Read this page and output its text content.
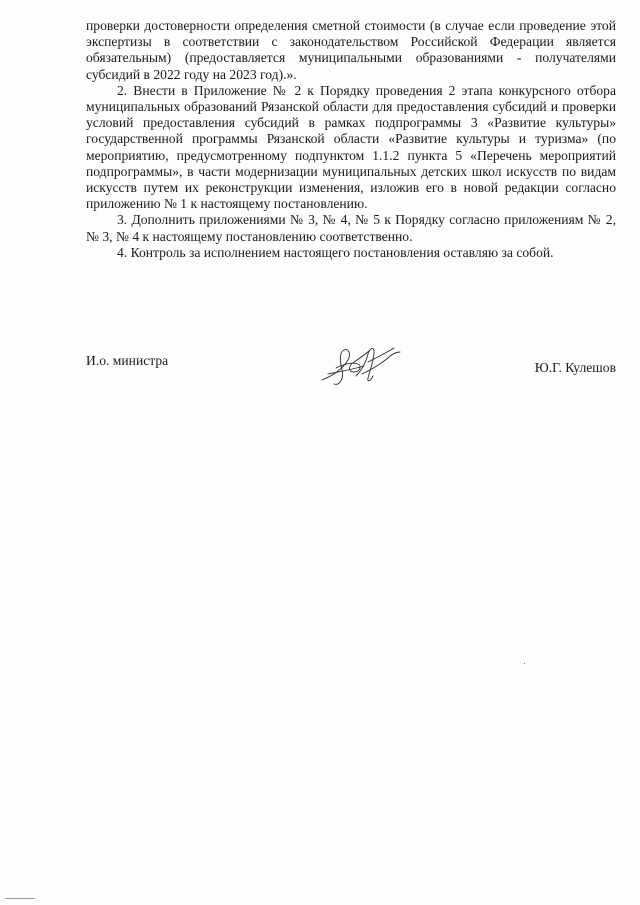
проверки достоверности определения сметной стоимости (в случае если проведение этой экспертизы в соответствии с законодательством Российской Федерации является обязательным) (предоставляется муниципальными образованиями - получателями субсидий в 2022 году на 2023 год).».

2. Внести в Приложение № 2 к Порядку проведения 2 этапа конкурсного отбора муниципальных образований Рязанской области для предоставления субсидий и проверки условий предоставления субсидий в рамках подпрограммы 3 «Развитие культуры» государственной программы Рязанской области «Развитие культуры и туризма» (по мероприятию, предусмотренному подпунктом 1.1.2 пункта 5 «Перечень мероприятий подпрограммы», в части модернизации муниципальных детских школ искусств по видам искусств путем их реконструкции изменения, изложив его в новой редакции согласно приложению № 1 к настоящему постановлению.

3. Дополнить приложениями № 3, № 4, № 5 к Порядку согласно приложениям № 2, № 3, № 4 к настоящему постановлению соответственно.

4. Контроль за исполнением настоящего постановления оставляю за собой.

И.о. министра	Ю.Г. Кулешов
